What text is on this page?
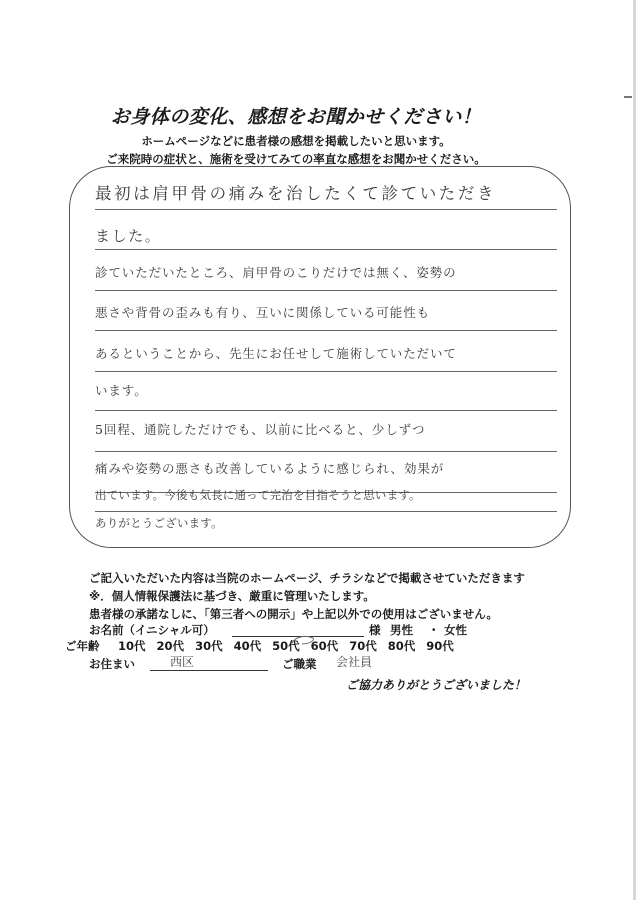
お身体の変化、感想をお聞かせください！

ホームページなどに患者様の感想を掲載したいと思います。

ご来院時の症状と、施術を受けてみての率直な感想をお聞かせください。

最初は肩甲骨の痛みを治したくて診ていただき

ました。

診ていただいたところ、肩甲骨のこりだけでは無く、姿勢の

悪さや背骨の歪みも有り、互いに関係している可能性も

あるということから、先生にお任せして施術していただいて

います。

5回程、通院しただけでも、以前に比べると、少しずつ

痛みや姿勢の悪さも改善しているように感じられ、効果が

出ています。今後も気長に通って完治を目指そうと思います。

ありがとうございます。

ご記入いただいた内容は当院のホームページ、チラシなどで掲載させていただきます

※．個人情報保護法に基づき、厳重に管理いたします。

患者様の承諾なしに、「第三者への開示」や上記以外での使用はございません。

お名前（イニシャル可）	様 男性 ・ 女性
ご年齢 10代 20代 30代 40代 50代 60代 70代 80代 90代
お住まい	西区	ご職業 会社員

ご協力ありがとうございました！
